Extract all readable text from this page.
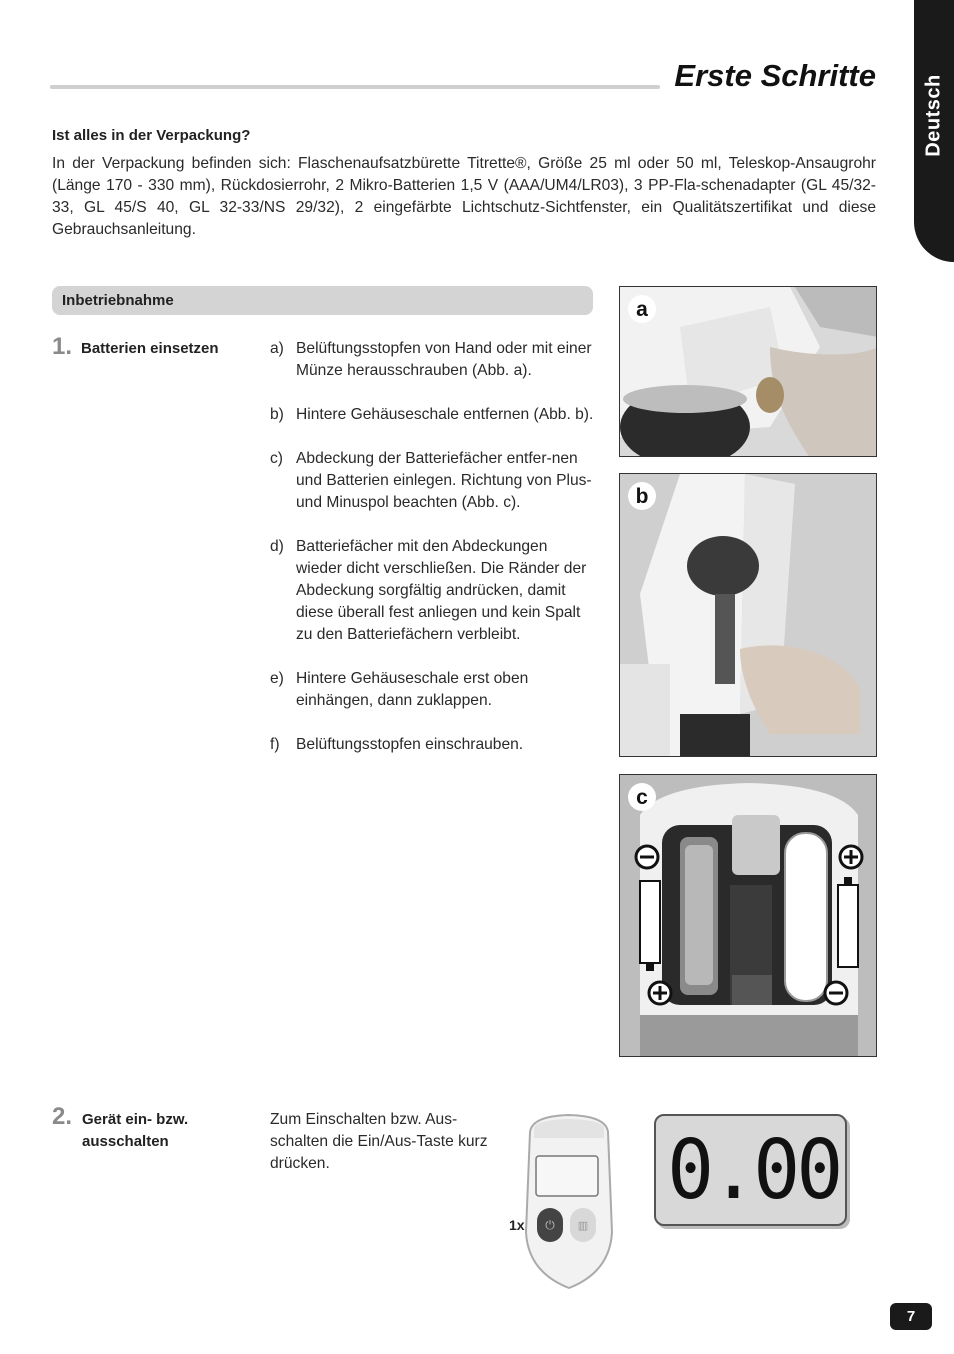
Erste Schritte Deutsch
Ist alles in der Verpackung?
In der Verpackung befinden sich: Flaschenaufsatzbürette Titrette®, Größe 25 ml oder 50 ml, Teleskop-Ansaugrohr (Länge 170 - 330 mm), Rückdosierrohr, 2 Mikro-Batterien 1,5 V (AAA/UM4/LR03), 3 PP-Fla-schenadapter (GL 45/32-33, GL 45/S 40, GL 32-33/NS 29/32), 2 eingefärbte Lichtschutz-Sichtfenster, ein Qualitätszertifikat und diese Gebrauchsanleitung.
Inbetriebnahme
1. Batterien einsetzen	a) Belüftungsstopfen von Hand oder mit einer Münze herausschrauben (Abb. a).
b) Hintere Gehäuseschale entfernen (Abb. b).
c) Abdeckung der Batteriefächer entfer-nen und Batterien einlegen. Richtung von Plus- und Minuspol beachten (Abb. c).
d) Batteriefächer mit den Abdeckungen wieder dicht verschließen. Die Ränder der Abdeckung sorgfältig andrücken, damit diese überall fest anliegen und kein Spalt zu den Batteriefächern verbleibt.
e) Hintere Gehäuseschale erst oben einhängen, dann zuklappen.
f)	Belüftungsstopfen einschrauben.
a
b
c
2. Gerät ein- bzw. ausschalten
Zum Einschalten bzw. Aus-schalten die Ein/Aus-Taste kurz drücken.
1x ⏻ ▥
0.00
7
